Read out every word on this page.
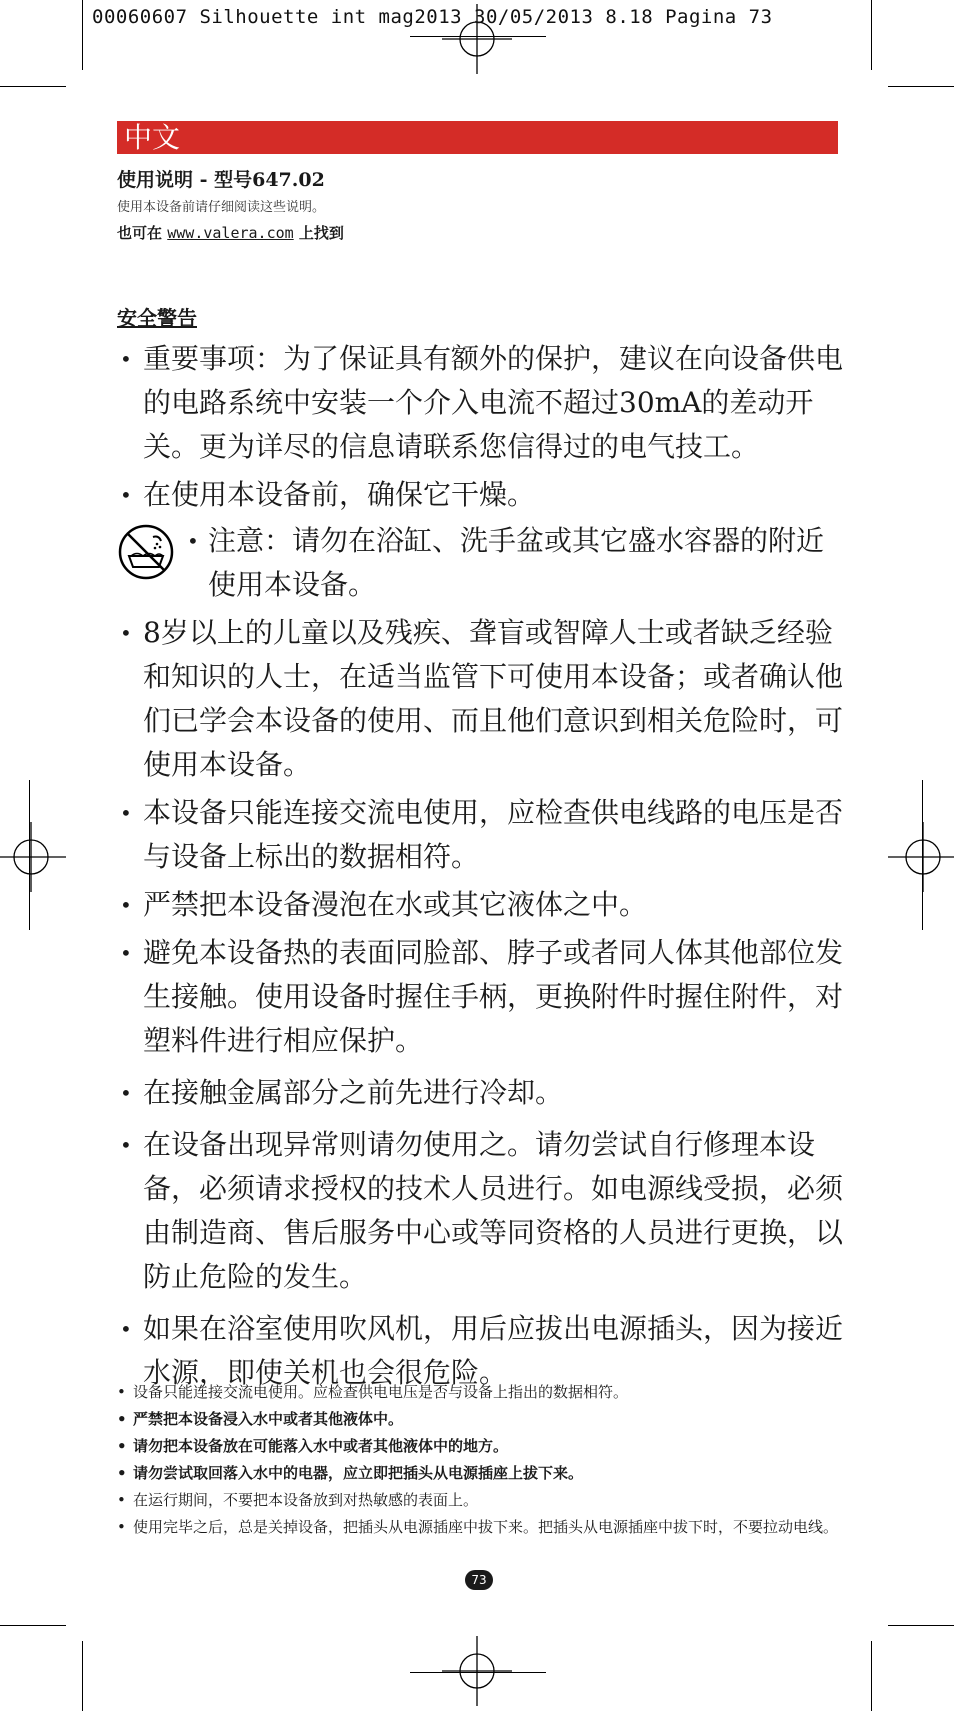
00060607 Silhouette int mag2013 30/05/2013 8.18 Pagina 73
中文
使用说明 - 型号647.02
使用本设备前请仔细阅读这些说明。
也可在 www.valera.com 上找到
安全警告
• 重要事项：为了保证具有额外的保护，建议在向设备供电的电路系统中安装一个介入电流不超过30mA的差动开关。更为详尽的信息请联系您信得过的电气技工。
• 在使用本设备前，确保它干燥。
• 注意：请勿在浴缸、洗手盆或其它盛水容器的附近使用本设备。
• 8岁以上的儿童以及残疾、聋盲或智障人士或者缺乏经验和知识的人士，在适当监管下可使用本设备；或者确认他们已学会本设备的使用、而且他们意识到相关危险时，可使用本设备。
• 本设备只能连接交流电使用，应检查供电线路的电压是否与设备上标出的数据相符。
• 严禁把本设备漫泡在水或其它液体之中。
• 避免本设备热的表面同脸部、脖子或者同人体其他部位发生接触。使用设备时握住手柄，更换附件时握住附件，对塑料件进行相应保护。
• 在接触金属部分之前先进行冷却。
• 在设备出现异常则请勿使用之。请勿尝试自行修理本设备，必须请求授权的技术人员进行。如电源线受损，必须由制造商、售后服务中心或等同资格的人员进行更换，以防止危险的发生。
• 如果在浴室使用吹风机，用后应拔出电源插头，因为接近水源，即使关机也会很危险。
• 设备只能连接交流电使用。应检查供电电压是否与设备上指出的数据相符。
• 严禁把本设备浸入水中或者其他液体中。
• 请勿把本设备放在可能落入水中或者其他液体中的地方。
• 请勿尝试取回落入水中的电器，应立即把插头从电源插座上拔下来。
• 在运行期间，不要把本设备放到对热敏感的表面上。
• 使用完毕之后，总是关掉设备，把插头从电源插座中拔下来。把插头从电源插座中拔下时，不要拉动电线。
73
